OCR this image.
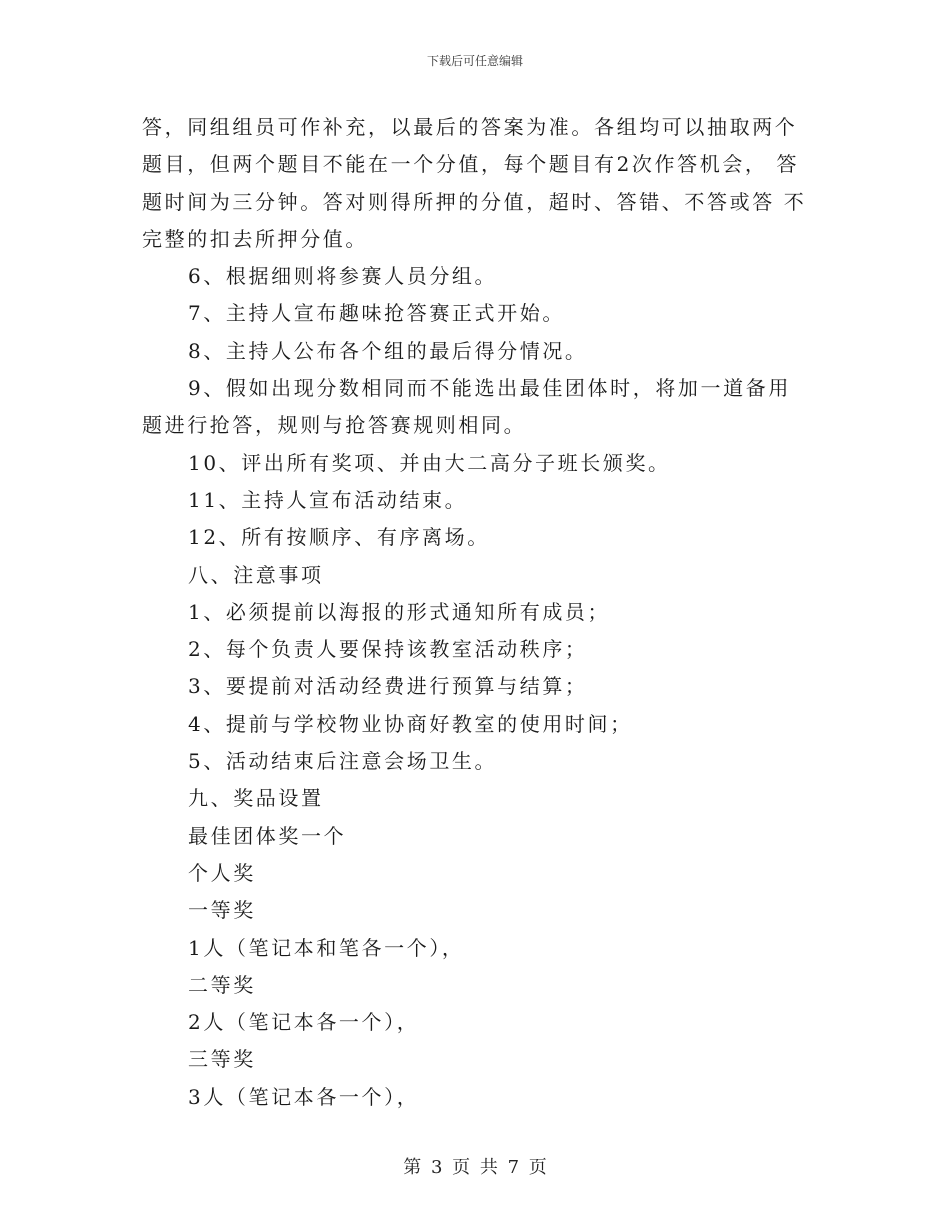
下载后可任意编辑

答，同组组员可作补充，以最后的答案为准。各组均可以抽取两个题目，但两个题目不能在一个分值，每个题目有2次作答机会， 答题时间为三分钟。答对则得所押的分值，超时、答错、不答或答 不完整的扣去所押分值。

6、根据细则将参赛人员分组。

7、主持人宣布趣味抢答赛正式开始。

8、主持人公布各个组的最后得分情况。

9、假如出现分数相同而不能选出最佳团体时，将加一道备用题进行抢答，规则与抢答赛规则相同。

10、评出所有奖项、并由大二高分子班长颁奖。

11、主持人宣布活动结束。

12、所有按顺序、有序离场。

八、注意事项

1、必须提前以海报的形式通知所有成员；

2、每个负责人要保持该教室活动秩序；

3、要提前对活动经费进行预算与结算；

4、提前与学校物业协商好教室的使用时间；

5、活动结束后注意会场卫生。

九、奖品设置

最佳团体奖一个

个人奖

一等奖

1人（笔记本和笔各一个），

二等奖

2人（笔记本各一个），

三等奖

3人（笔记本各一个），

第 3 页 共 7 页
